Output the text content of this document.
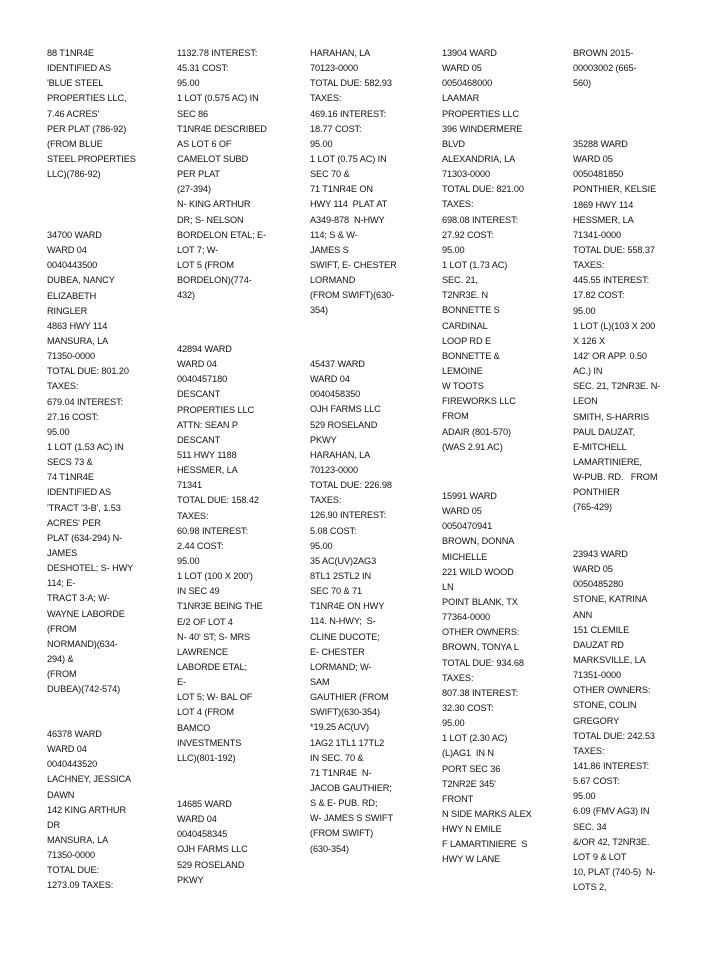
88 T1NR4E
IDENTIFIED AS
'BLUE STEEL
PROPERTIES LLC,
7.46 ACRES'
PER PLAT (786-92)
(FROM BLUE
STEEL PROPERTIES
LLC)(786-92)
34700 WARD
WARD 04
0040443500
DUBEA, NANCY
ELIZABETH
RINGLER
4863 HWY 114
MANSURA, LA
71350-0000
TOTAL DUE: 801.20
TAXES:
679.04 INTEREST:
27.16 COST:
95.00
1 LOT (1.53 AC) IN
SECS 73 &
74 T1NR4E
IDENTIFIED AS
'TRACT '3-B', 1.53
ACRES' PER
PLAT (634-294) N-
JAMES
DESHOTEL; S- HWY
114; E-
TRACT 3-A; W-
WAYNE LABORDE
(FROM
NORMAND)(634-
294) &
(FROM
DUBEA)(742-574)
46378 WARD
WARD 04
0040443520
LACHNEY, JESSICA
DAWN
142 KING ARTHUR
DR
MANSURA, LA
71350-0000
TOTAL DUE:
1273.09 TAXES:
1132.78 INTEREST:
45.31 COST:
95.00
1 LOT (0.575 AC) IN
SEC 86
T1NR4E DESCRIBED
AS LOT 6 OF
CAMELOT SUBD
PER PLAT
(27-394)
N- KING ARTHUR
DR; S- NELSON
BORDELON ETAL; E-
LOT 7; W-
LOT 5 (FROM
BORDELON)(774-
432)
42894 WARD
WARD 04
0040457180
DESCANT
PROPERTIES LLC
ATTN: SEAN P
DESCANT
511 HWY 1188
HESSMER, LA
71341
TOTAL DUE: 158.42
TAXES:
60.98 INTEREST:
2.44 COST:
95.00
1 LOT (100 X 200')
IN SEC 49
T1NR3E BEING THE
E/2 OF LOT 4
N- 40' ST; S- MRS
LAWRENCE
LABORDE ETAL;
E-
LOT 5; W- BAL OF
LOT 4 (FROM
BAMCO
INVESTMENTS
LLC)(801-192)
14685 WARD
WARD 04
0040458345
OJH FARMS LLC
529 ROSELAND
PKWY
HARAHAN, LA
70123-0000
TOTAL DUE: 582.93
TAXES:
469.16 INTEREST:
18.77 COST:
95.00
1 LOT (0.75 AC) IN
SEC 70 &
71 T1NR4E ON
HWY 114  PLAT AT
A349-878  N-HWY
114; S & W-
JAMES S
SWIFT, E- CHESTER
LORMAND
(FROM SWIFT)(630-
354)
45437 WARD
WARD 04
0040458350
OJH FARMS LLC
529 ROSELAND
PKWY
HARAHAN, LA
70123-0000
TOTAL DUE: 226.98
TAXES:
126.90 INTEREST:
5.08 COST:
95.00
35 AC(UV)2AG3
8TL1 2STL2 IN
SEC 70 & 71
T1NR4E ON HWY
114. N-HWY;  S-
CLINE DUCOTE;
E- CHESTER
LORMAND; W-
SAM
GAUTHIER (FROM
SWIFT)(630-354)
*19.25 AC(UV)
1AG2 1TL1 17TL2
IN SEC. 70 &
71 T1NR4E  N-
JACOB GAUTHIER;
S & E- PUB. RD;
W- JAMES S SWIFT
(FROM SWIFT)
(630-354)
13904 WARD
WARD 05
0050468000
LAAMAR
PROPERTIES LLC
396 WINDERMERE
BLVD
ALEXANDRIA, LA
71303-0000
TOTAL DUE: 821.00
TAXES:
698.08 INTEREST:
27.92 COST:
95.00
1 LOT (1.73 AC)
SEC. 21,
T2NR3E. N
BONNETTE S
CARDINAL
LOOP RD E
BONNETTE &
LEMOINE
W TOOTS
FIREWORKS LLC
FROM
ADAIR (801-570)
(WAS 2.91 AC)
15991 WARD
WARD 05
0050470941
BROWN, DONNA
MICHELLE
221 WILD WOOD
LN
POINT BLANK, TX
77364-0000
OTHER OWNERS:
BROWN, TONYA L
TOTAL DUE: 934.68
TAXES:
807.38 INTEREST:
32.30 COST:
95.00
1 LOT (2.30 AC)
(L)AG1  IN N
PORT SEC 36
T2NR2E 345'
FRONT
N SIDE MARKS ALEX
HWY N EMILE
F LAMARTINIERE  S
HWY W LANE
BROWN 2015-
00003002 (665-
560)
35288 WARD
WARD 05
0050481850
PONTHIER, KELSIE
1869 HWY 114
HESSMER, LA
71341-0000
TOTAL DUE: 558.37
TAXES:
445.55 INTEREST:
17.82 COST:
95.00
1 LOT (L)(103 X 200
X 126 X
142' OR APP. 0.50
AC.) IN
SEC. 21, T2NR3E. N-
LEON
SMITH, S-HARRIS
PAUL DAUZAT,
E-MITCHELL
LAMARTINIERE,
W-PUB. RD.   FROM
PONTHIER
(765-429)
23943 WARD
WARD 05
0050485280
STONE, KATRINA
ANN
151 CLEMILE
DAUZAT RD
MARKSVILLE, LA
71351-0000
OTHER OWNERS:
STONE, COLIN
GREGORY
TOTAL DUE: 242.53
TAXES:
141.86 INTEREST:
5.67 COST:
95.00
6.09 (FMV AG3) IN
SEC. 34
&/OR 42, T2NR3E.
LOT 9 & LOT
10, PLAT (740-5)  N-
LOTS 2,
